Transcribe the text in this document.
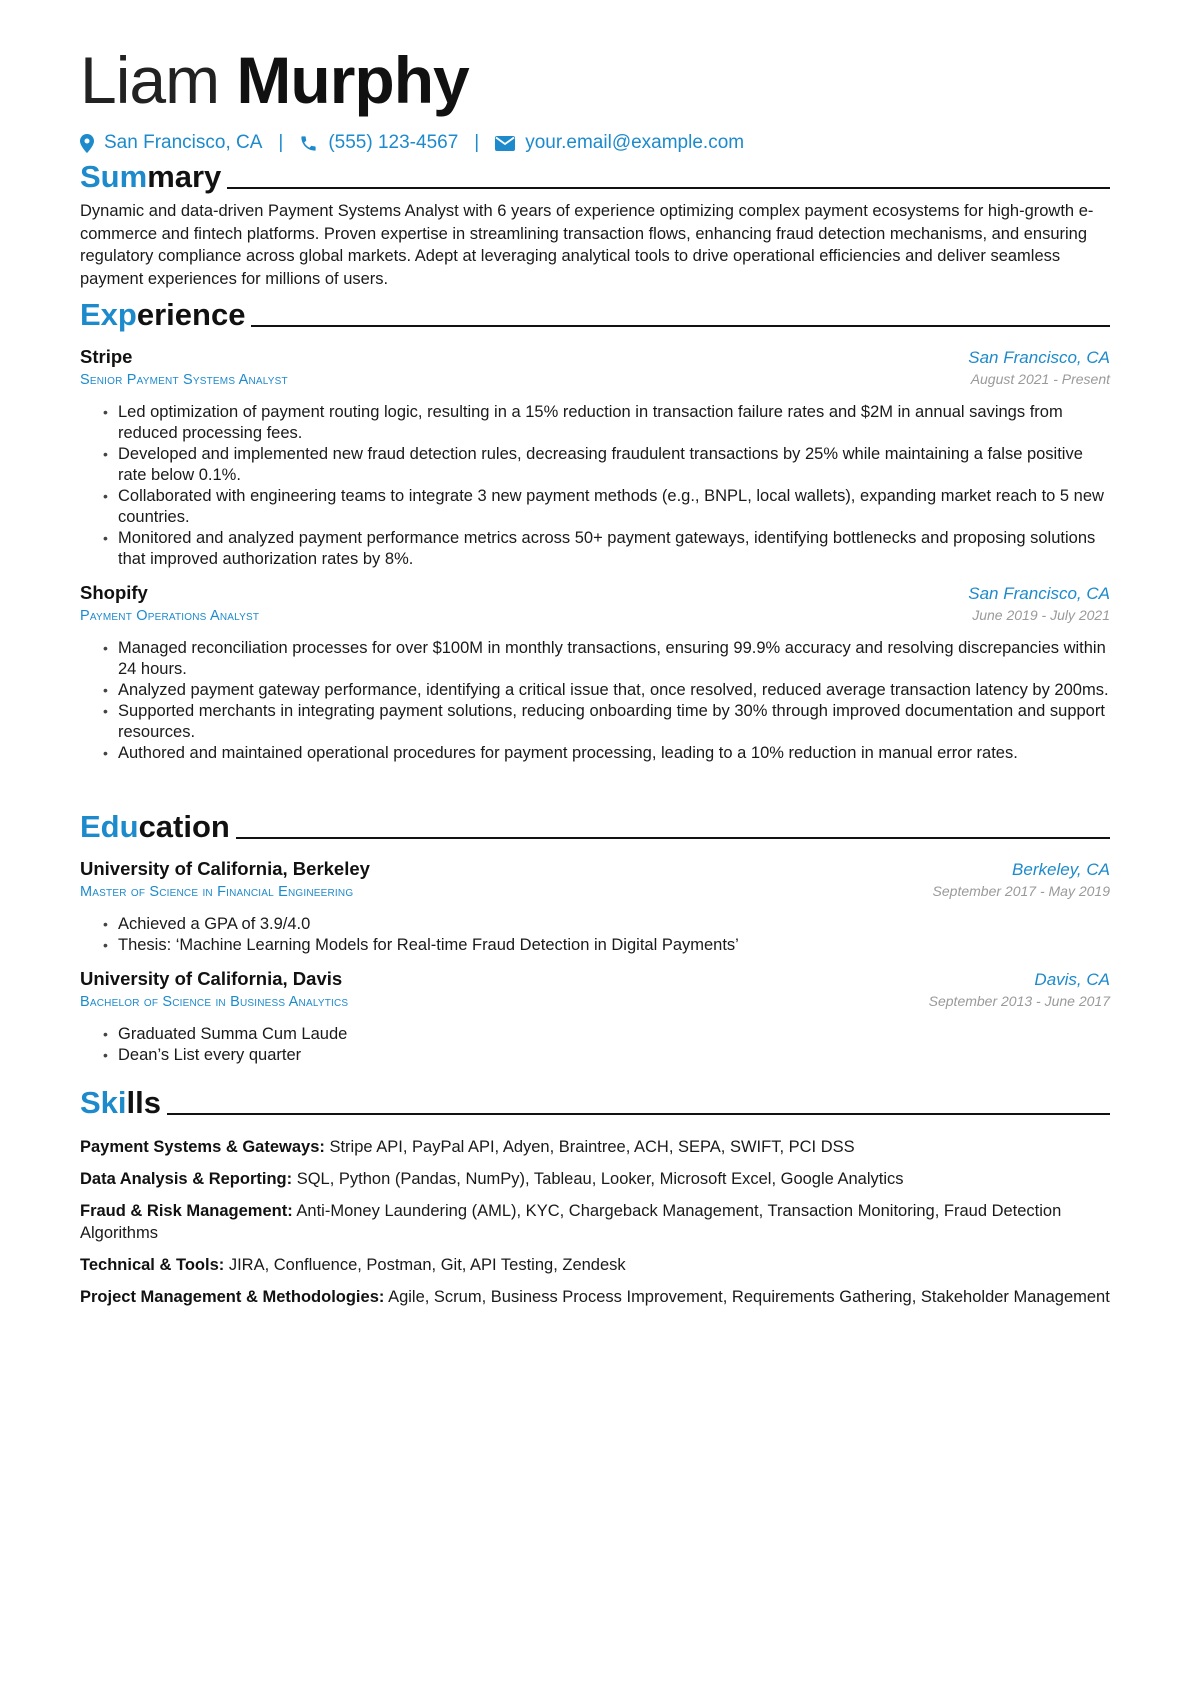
Liam Murphy
San Francisco, CA | (555) 123-4567 | your.email@example.com
Summary
Dynamic and data-driven Payment Systems Analyst with 6 years of experience optimizing complex payment ecosystems for high-growth e-commerce and fintech platforms. Proven expertise in streamlining transaction flows, enhancing fraud detection mechanisms, and ensuring regulatory compliance across global markets. Adept at leveraging analytical tools to drive operational efficiencies and deliver seamless payment experiences for millions of users.
Experience
Stripe	San Francisco, CA
Senior Payment Systems Analyst	August 2021 - Present
• Led optimization of payment routing logic, resulting in a 15% reduction in transaction failure rates and $2M in annual savings from reduced processing fees.
• Developed and implemented new fraud detection rules, decreasing fraudulent transactions by 25% while maintaining a false positive rate below 0.1%.
• Collaborated with engineering teams to integrate 3 new payment methods (e.g., BNPL, local wallets), expanding market reach to 5 new countries.
• Monitored and analyzed payment performance metrics across 50+ payment gateways, identifying bottlenecks and proposing solutions that improved authorization rates by 8%.
Shopify	San Francisco, CA
Payment Operations Analyst	June 2019 - July 2021
• Managed reconciliation processes for over $100M in monthly transactions, ensuring 99.9% accuracy and resolving discrepancies within 24 hours.
• Analyzed payment gateway performance, identifying a critical issue that, once resolved, reduced average transaction latency by 200ms.
• Supported merchants in integrating payment solutions, reducing onboarding time by 30% through improved documentation and support resources.
• Authored and maintained operational procedures for payment processing, leading to a 10% reduction in manual error rates.
Education
University of California, Berkeley	Berkeley, CA
Master of Science in Financial Engineering	September 2017 - May 2019
• Achieved a GPA of 3.9/4.0
• Thesis: ‘Machine Learning Models for Real-time Fraud Detection in Digital Payments’
University of California, Davis	Davis, CA
Bachelor of Science in Business Analytics	September 2013 - June 2017
• Graduated Summa Cum Laude
• Dean’s List every quarter
Skills
Payment Systems & Gateways: Stripe API, PayPal API, Adyen, Braintree, ACH, SEPA, SWIFT, PCI DSS
Data Analysis & Reporting: SQL, Python (Pandas, NumPy), Tableau, Looker, Microsoft Excel, Google Analytics
Fraud & Risk Management: Anti-Money Laundering (AML), KYC, Chargeback Management, Transaction Monitoring, Fraud Detection Algorithms
Technical & Tools: JIRA, Confluence, Postman, Git, API Testing, Zendesk
Project Management & Methodologies: Agile, Scrum, Business Process Improvement, Requirements Gathering, Stakeholder Management
